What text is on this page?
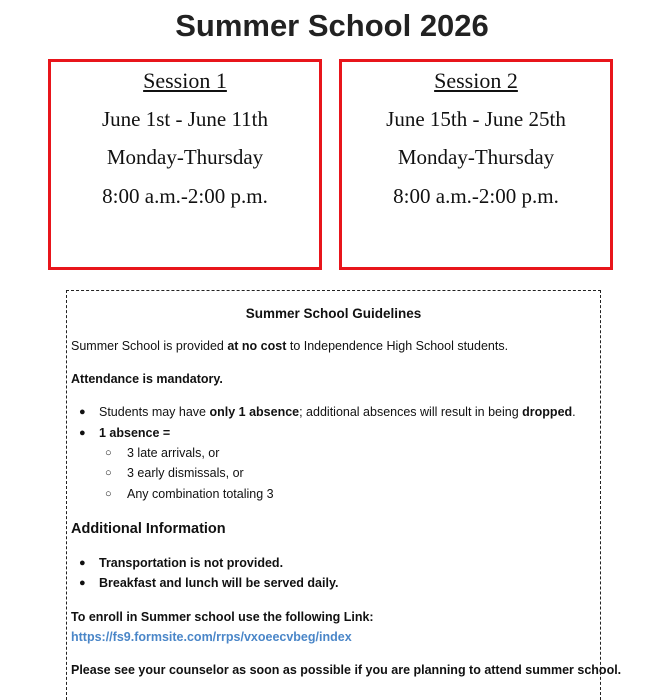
Summer School 2026
Session 1
June 1st - June 11th
Monday-Thursday
8:00 a.m.-2:00 p.m.
Session 2
June 15th - June 25th
Monday-Thursday
8:00 a.m.-2:00 p.m.
Summer School Guidelines
Summer School is provided at no cost to Independence High School students.
Attendance is mandatory.
● Students may have only 1 absence; additional absences will result in being dropped.
● 1 absence =
○ 3 late arrivals, or
○ 3 early dismissals, or
○ Any combination totaling 3
Additional Information
● Transportation is not provided.
● Breakfast and lunch will be served daily.
To enroll in Summer school use the following Link:
https://fs9.formsite.com/rrps/vxoeecvbeg/index
Please see your counselor as soon as possible if you are planning to attend summer school.
